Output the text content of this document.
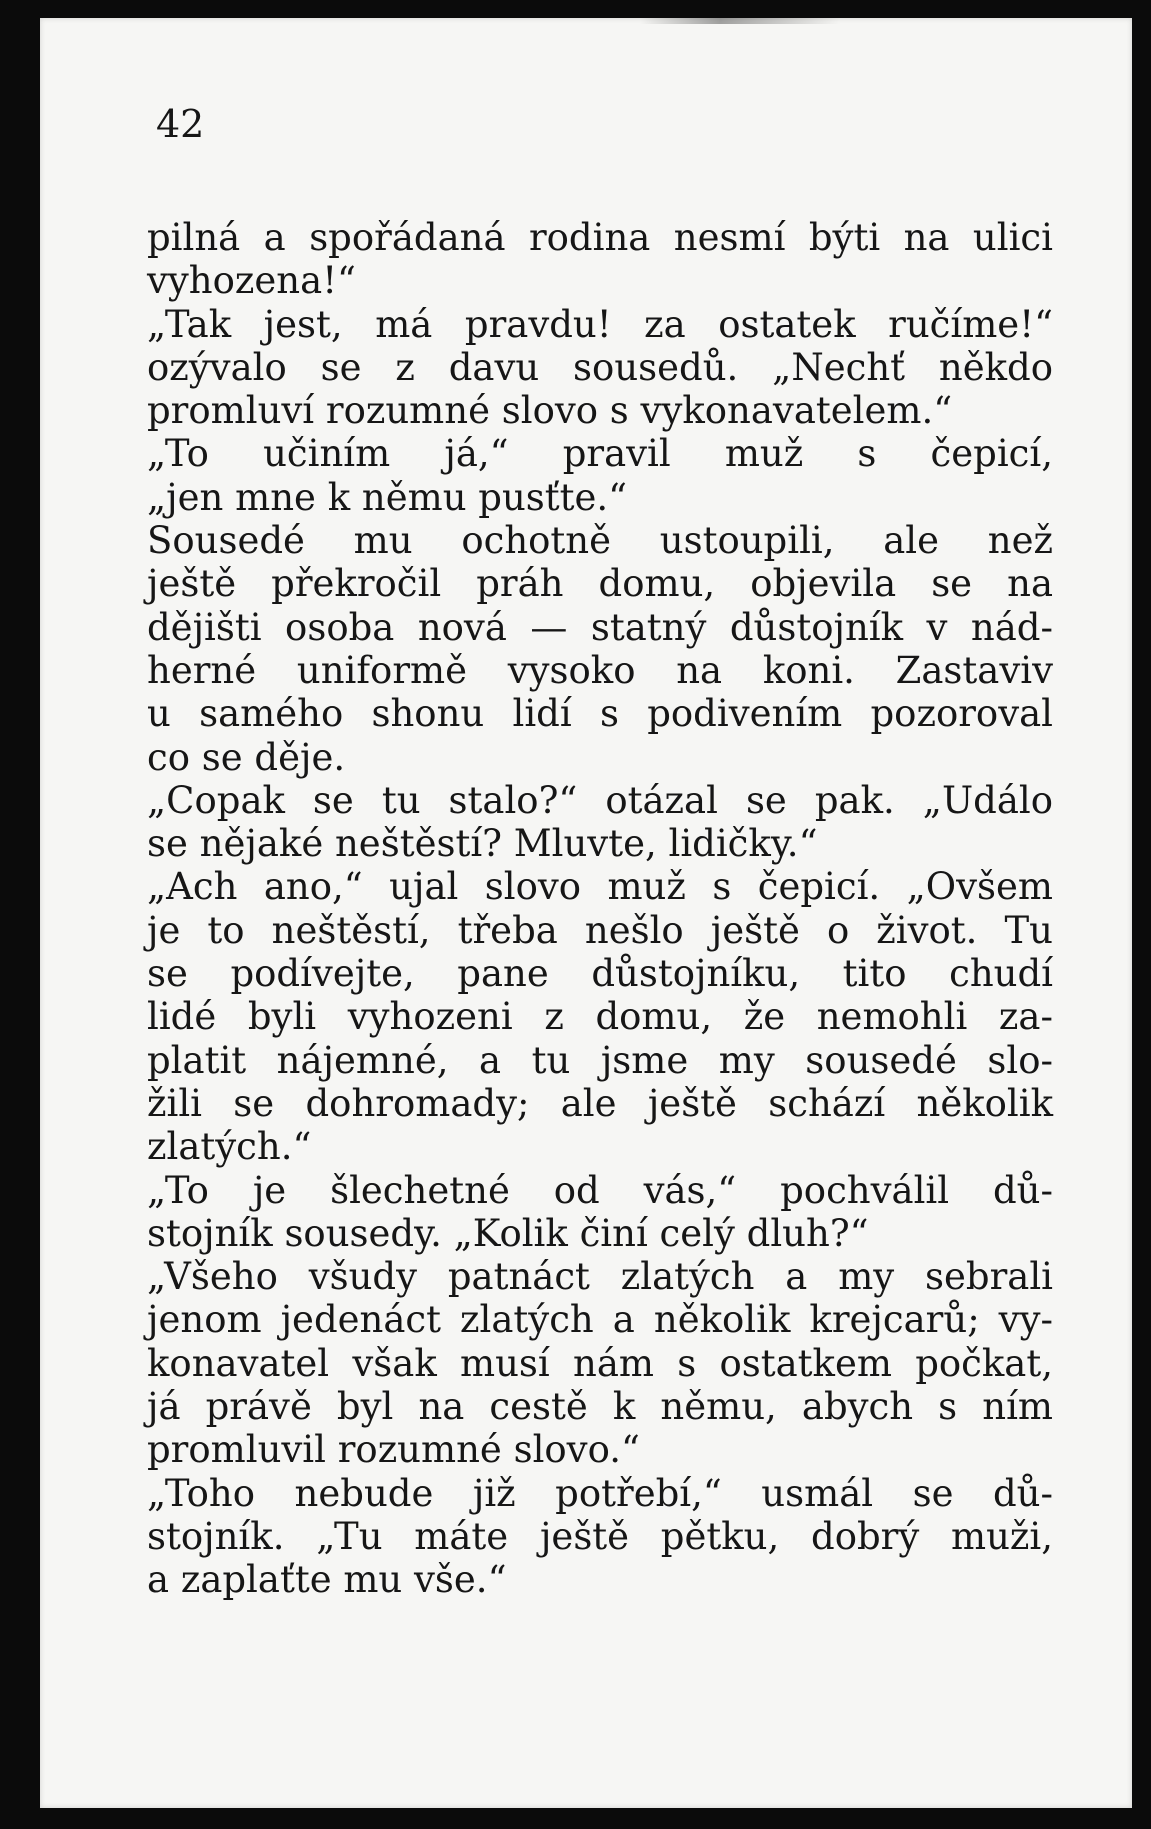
42
pilná a spořádaná rodina nesmí býti na ulici
vyhozena!“
„Tak jest, má pravdu! za ostatek ručíme!“
ozývalo se z davu sousedů. „Nechť někdo
promluví rozumné slovo s vykonavatelem.“
„To učiním já,“ pravil muž s čepicí,
„jen mne k němu pusťte.“
Sousedé mu ochotně ustoupili, ale než
ještě překročil práh domu, objevila se na
dějišti osoba nová — statný důstojník v nád-
herné uniformě vysoko na koni. Zastaviv
u samého shonu lidí s podivením pozoroval
co se děje.
„Copak se tu stalo?“ otázal se pak. „Událo
se nějaké neštěstí? Mluvte, lidičky.“
„Ach ano,“ ujal slovo muž s čepicí. „Ovšem
je to neštěstí, třeba nešlo ještě o život. Tu
se podívejte, pane důstojníku, tito chudí
lidé byli vyhozeni z domu, že nemohli za-
platit nájemné, a tu jsme my sousedé slo-
žili se dohromady; ale ještě schází několik
zlatých.“
„To je šlechetné od vás,“ pochválil dů-
stojník sousedy. „Kolik činí celý dluh?“
„Všeho všudy patnáct zlatých a my sebrali
jenom jedenáct zlatých a několik krejcarů; vy-
konavatel však musí nám s ostatkem počkat,
já právě byl na cestě k němu, abych s ním
promluvil rozumné slovo.“
„Toho nebude již potřebí,“ usmál se dů-
stojník. „Tu máte ještě pětku, dobrý muži,
a zaplaťte mu vše.“
